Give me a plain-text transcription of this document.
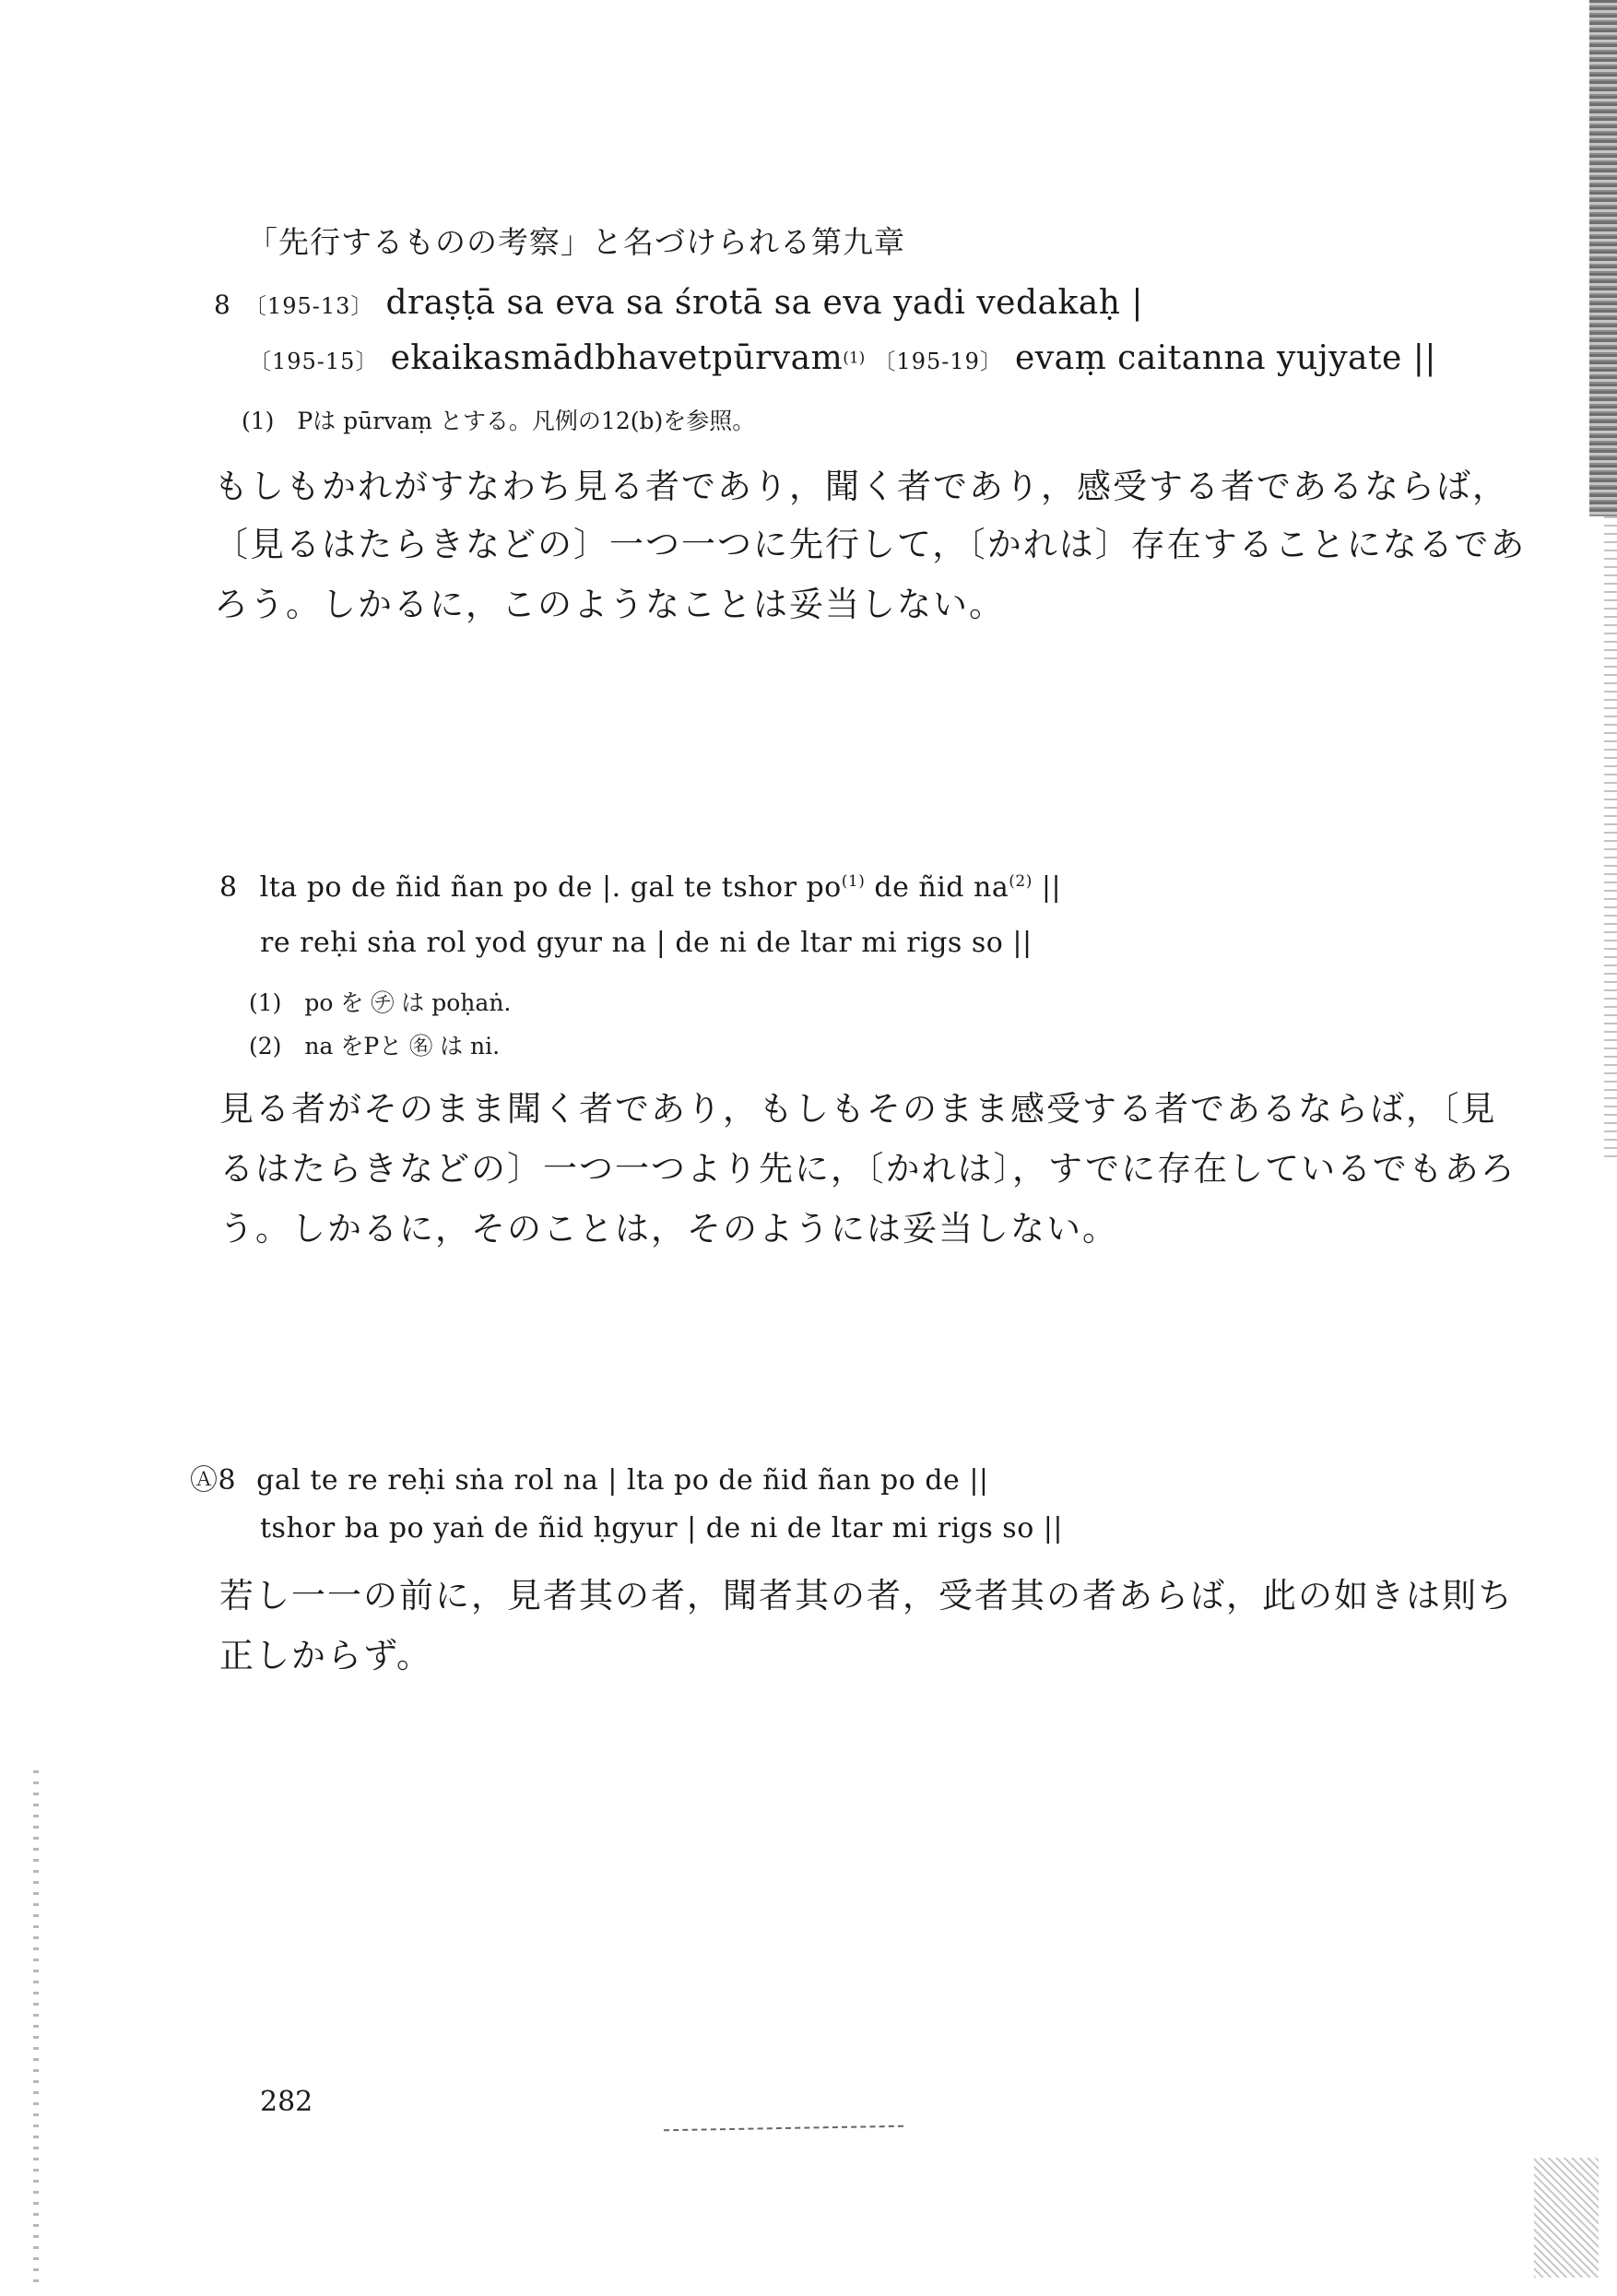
「先行するものの考察」と名づけられる第九章
8 〔195-13〕 draṣṭā sa eva sa śrotā sa eva yadi vedakaḥ |
〔195-15〕 ekaikasmādbhavetpūrvam(1) 〔195-19〕 evaṃ caitanna yujyate ||
(1)　Pは pūrvaṃ とする。凡例の12(b)を参照。
もしもかれがすなわち見る者であり，聞く者であり，感受する者であるならば，
〔見るはたらきなどの〕一つ一つに先行して，〔かれは〕存在することになるであ
ろう。しかるに，このようなことは妥当しない。
8 lta po de ñid ñan po de |. gal te tshor $po^{(1)}$ de ñid $na^{(2)}$ ||
re reḥi sṅa rol yod gyur na | de ni de ltar mi rigs so ||
(1)　po を ㋠ は poḥaṅ.
(2)　na をPと ㊔ は ni.
見る者がそのまま聞く者であり，もしもそのまま感受する者であるならば，〔見
るはたらきなどの〕一つ一つより先に，〔かれは〕，すでに存在しているでもあろ
う。しかるに，そのことは，そのようには妥当しない。
Ⓐ8 gal te re reḥi sṅa rol na | lta po de ñid ñan po de ||
tshor ba po yaṅ de ñid ḥgyur | de ni de ltar mi rigs so ||
若し一一の前に，見者其の者，聞者其の者，受者其の者あらば，此の如きは則ち
正しからず。
282
